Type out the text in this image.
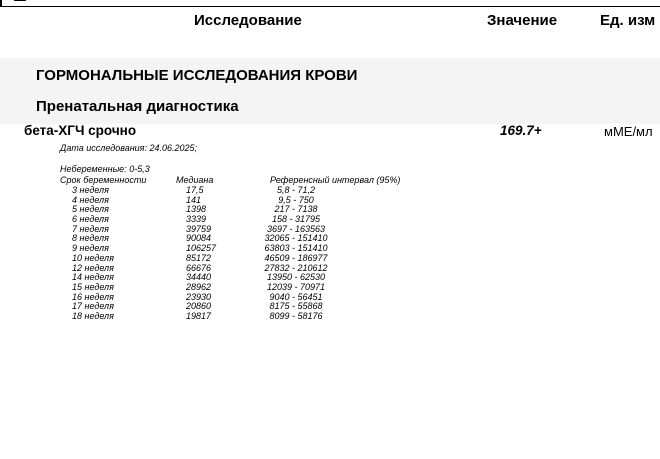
Исследование	Значение	Ед. изм
ГОРМОНАЛЬНЫЕ ИССЛЕДОВАНИЯ КРОВИ
Пренатальная диагностика
бета-ХГЧ срочно	169.7+	мМЕ/мл
Дата исследования: 24.06.2025;
Небеременные: 0-5,3
Срок беременности	Медиана	Референсный интервал (95%)
3 неделя	17,5	5,8 - 71,2
4 неделя	141	9,5 - 750
5 неделя	1398	217 - 7138
6 неделя	3339	158 - 31795
7 неделя	39759	3697 - 163563
8 неделя	90084	32065 - 151410
9 неделя	106257	63803 - 151410
10 неделя	85172	46509 - 186977
12 неделя	66676	27832 - 210612
14 неделя	34440	13950 - 62530
15 неделя	28962	12039 - 70971
16 неделя	23930	9040 - 56451
17 неделя	20860	8175 - 55868
18 неделя	19817	8099 - 58176
